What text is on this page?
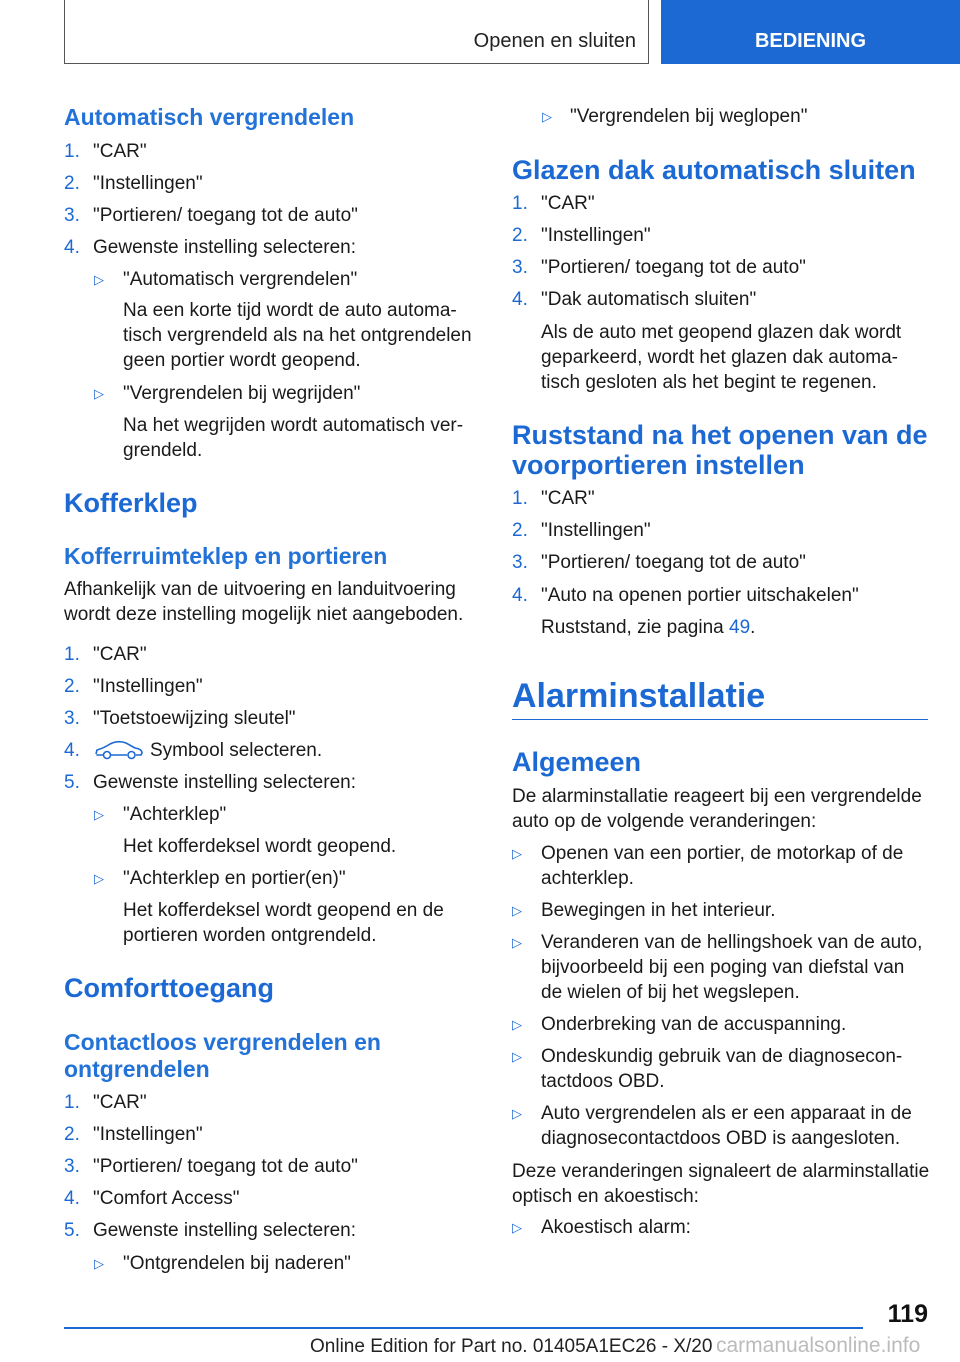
Openen en sluiten	BEDIENING
Automatisch vergrendelen
1. "CAR"
2. "Instellingen"
3. "Portieren/ toegang tot de auto"
4. Gewenste instelling selecteren:
▷ "Automatisch vergrendelen"
Na een korte tijd wordt de auto automa-
tisch vergrendeld als na het ontgrendelen
geen portier wordt geopend.
▷ "Vergrendelen bij wegrijden"
Na het wegrijden wordt automatisch ver-
grendeld.
Kofferklep
Kofferruimteklep en portieren
Afhankelijk van de uitvoering en landuitvoering
wordt deze instelling mogelijk niet aangeboden.
1. "CAR"
2. "Instellingen"
3. "Toetstoewijzing sleutel"
4.	Symbool selecteren.
5. Gewenste instelling selecteren:
▷ "Achterklep"
Het kofferdeksel wordt geopend.
▷ "Achterklep en portier(en)"
Het kofferdeksel wordt geopend en de
portieren worden ontgrendeld.
Comforttoegang
Contactloos vergrendelen en
ontgrendelen
1. "CAR"
2. "Instellingen"
3. "Portieren/ toegang tot de auto"
4. "Comfort Access"
5. Gewenste instelling selecteren:
▷ "Ontgrendelen bij naderen"
▷ "Vergrendelen bij weglopen"
Glazen dak automatisch sluiten
1. "CAR"
2. "Instellingen"
3. "Portieren/ toegang tot de auto"
4. "Dak automatisch sluiten"
Als de auto met geopend glazen dak wordt
geparkeerd, wordt het glazen dak automa-
tisch gesloten als het begint te regenen.
Ruststand na het openen van de
voorportieren instellen
1. "CAR"
2. "Instellingen"
3. "Portieren/ toegang tot de auto"
4. "Auto na openen portier uitschakelen"
Ruststand, zie pagina 49.
Alarminstallatie
Algemeen
De alarminstallatie reageert bij een vergrendelde
auto op de volgende veranderingen:
▷ Openen van een portier, de motorkap of de
achterklep.
▷ Bewegingen in het interieur.
▷ Veranderen van de hellingshoek van de auto,
bijvoorbeeld bij een poging van diefstal van
de wielen of bij het wegslepen.
▷ Onderbreking van de accuspanning.
▷ Ondeskundig gebruik van de diagnosecon-
tactdoos OBD.
▷ Auto vergrendelen als er een apparaat in de
diagnosecontactdoos OBD is aangesloten.
Deze veranderingen signaleert de alarminstallatie
optisch en akoestisch:
▷ Akoestisch alarm:
119
Online Edition for Part no. 01405A1EC26 - X/20 carmanualsonline.info
